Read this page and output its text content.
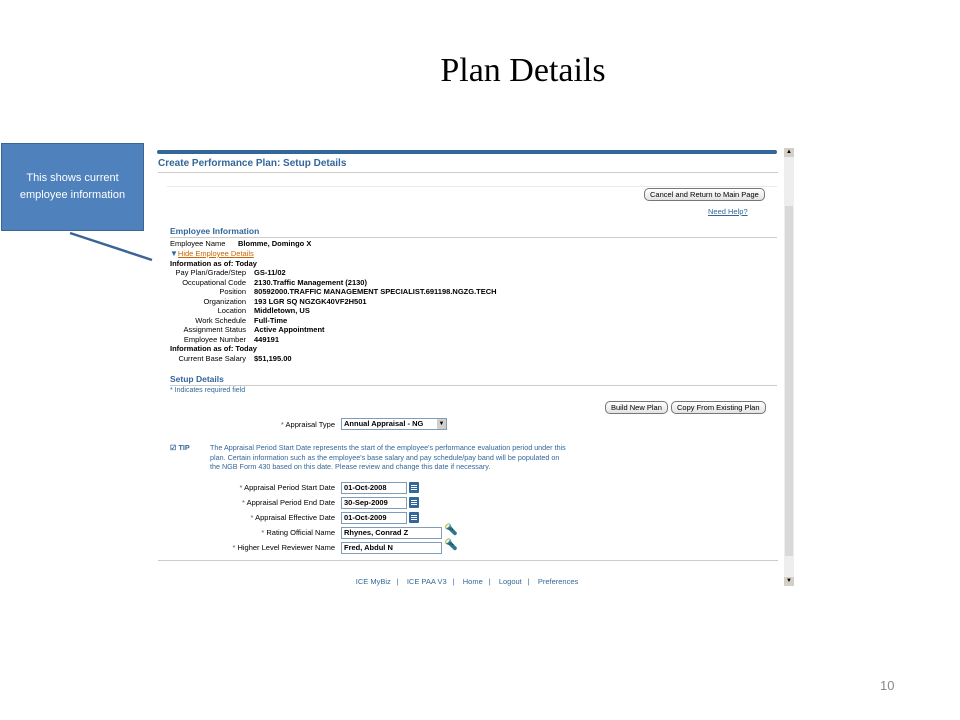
Plan Details
This shows current employee information
Create Performance Plan: Setup Details
Cancel and Return to Main Page
Need Help?
Employee Information
Employee Name Blomme, Domingo X
▼Hide Employee Details
Information as of: Today
Pay Plan/Grade/Step GS-11/02
Occupational Code 2130.Traffic Management (2130)
Position 80592000.TRAFFIC MANAGEMENT SPECIALIST.691198.NGZG.TECH
Organization 193 LGR SQ NGZGK40VF2H501
Location Middletown, US
Work Schedule Full-Time
Assignment Status Active Appointment
Employee Number 449191
Information as of: Today
Current Base Salary $51,195.00
Setup Details
* Indicates required field
Build New Plan	Copy From Existing Plan
* Appraisal Type	Annual Appraisal - NG	▼
☑ TIP	The Appraisal Period Start Date represents the start of the employee's performance evaluation period under this
plan. Certain information such as the employee's base salary and pay schedule/pay band will be populated on
the NGB Form 430 based on this date. Please review and change this date if necessary.
* Appraisal Period Start Date	01-Oct-2008
* Appraisal Period End Date	30-Sep-2009
* Appraisal Effective Date	01-Oct-2009
* Rating Official Name	Rhynes, Conrad Z	🔦
* Higher Level Reviewer Name	Fred, Abdul N	🔦
ICE MyBiz | ICE PAA V3 | Home | Logout | Preferences
▲
▼
10
